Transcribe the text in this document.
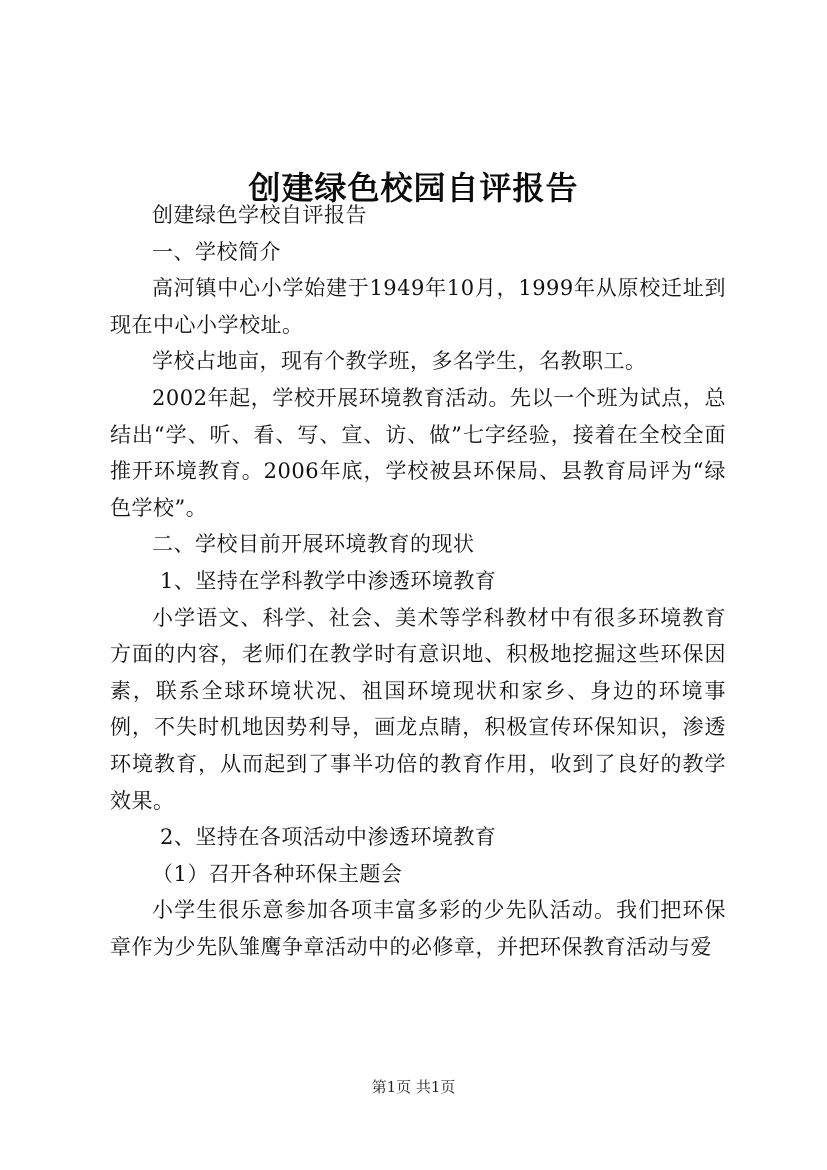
创建绿色校园自评报告

创建绿色学校自评报告

一、学校简介

高河镇中心小学始建于1949年10月，1999年从原校迁址到现在中心小学校址。

学校占地亩，现有个教学班，多名学生，名教职工。

2002年起，学校开展环境教育活动。先以一个班为试点，总结出“学、听、看、写、宣、访、做”七字经验，接着在全校全面推开环境教育。2006年底，学校被县环保局、县教育局评为“绿色学校”。

二、学校目前开展环境教育的现状

1、坚持在学科教学中渗透环境教育

小学语文、科学、社会、美术等学科教材中有很多环境教育方面的内容，老师们在教学时有意识地、积极地挖掘这些环保因素，联系全球环境状况、祖国环境现状和家乡、身边的环境事例，不失时机地因势利导，画龙点睛，积极宣传环保知识，渗透环境教育，从而起到了事半功倍的教育作用，收到了良好的教学效果。

2、坚持在各项活动中渗透环境教育

（1）召开各种环保主题会

小学生很乐意参加各项丰富多彩的少先队活动。我们把环保章作为少先队雏鹰争章活动中的必修章，并把环保教育活动与爱

第1页 共1页
